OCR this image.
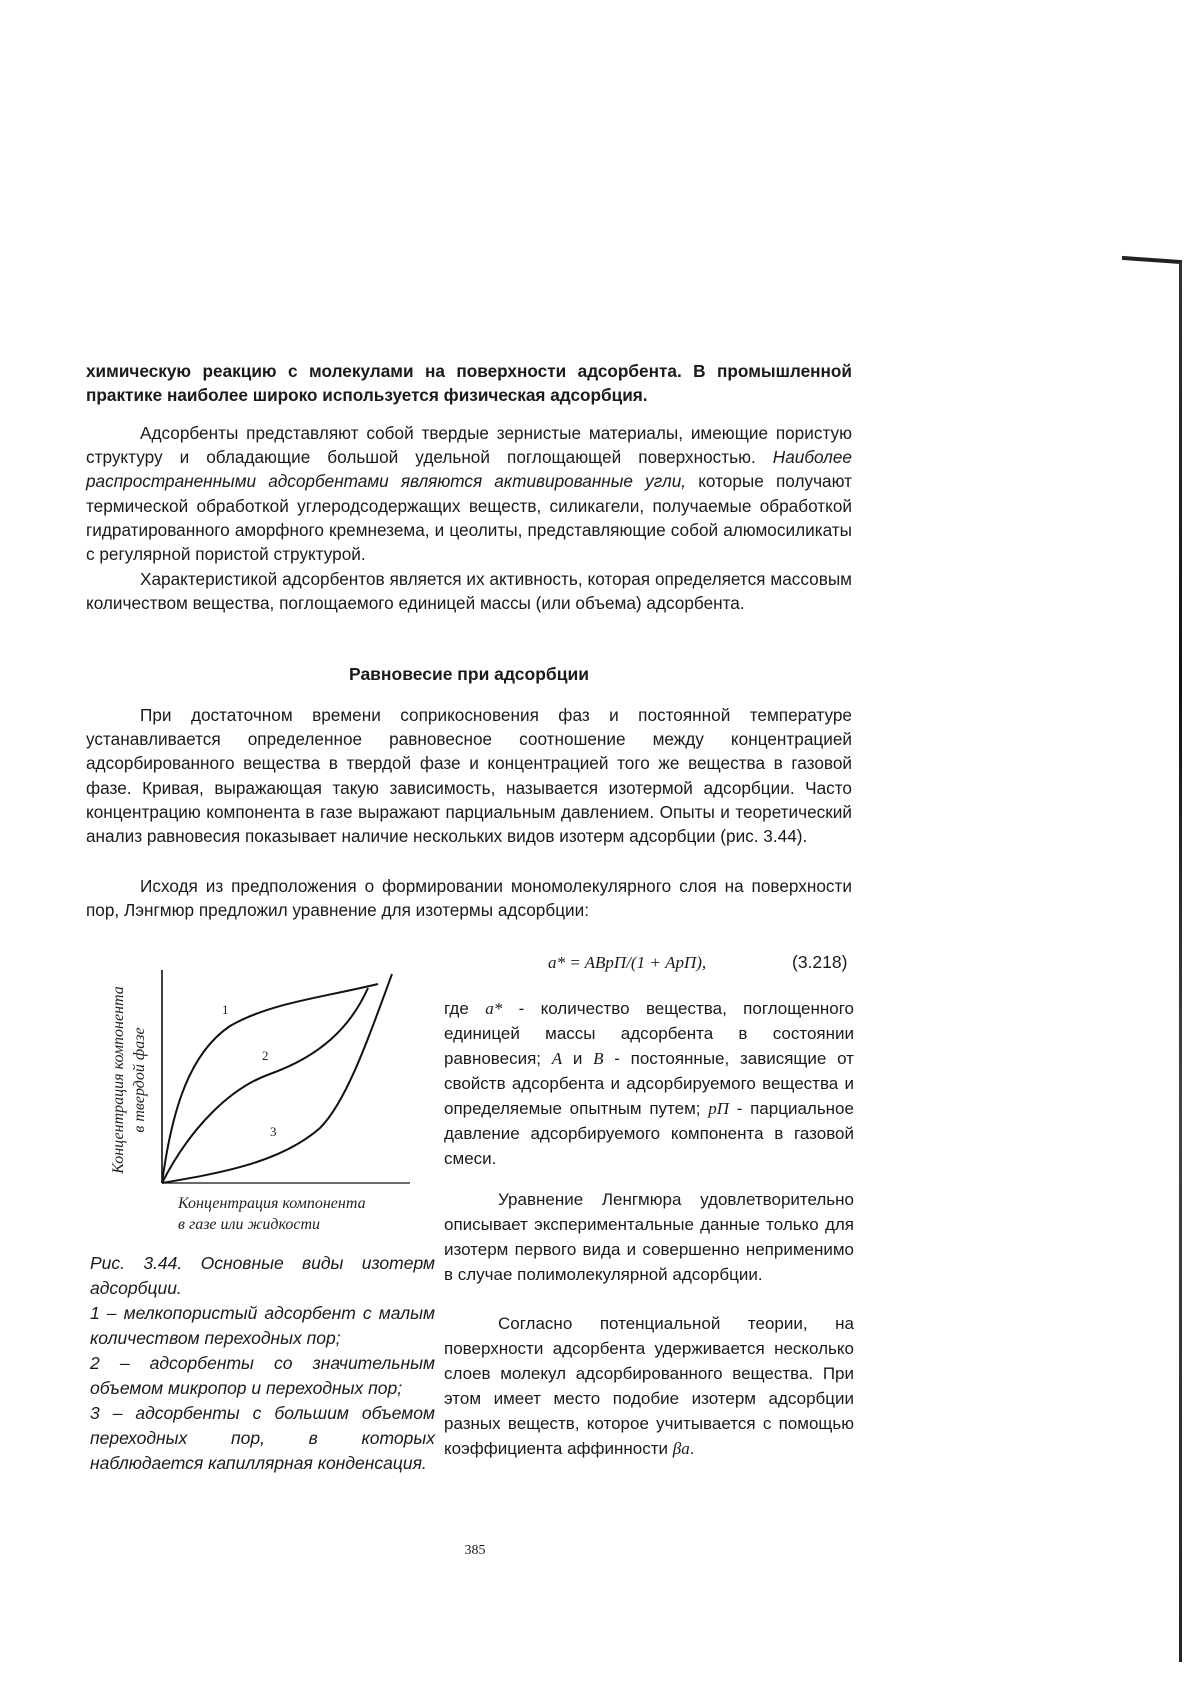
химическую реакцию с молекулами на поверхности адсорбента. В промышленной практике наиболее широко используется физическая адсорбция.
Адсорбенты представляют собой твердые зернистые материалы, имеющие пористую структуру и обладающие большой удельной поглощающей поверхностью. Наиболее распространенными адсорбентами являются активированные угли, которые получают термической обработкой углеродсодержащих веществ, силикагели, получаемые обработкой гидратированного аморфного кремнезема, и цеолиты, представляющие собой алюмосиликаты с регулярной пористой структурой.
Характеристикой адсорбентов является их активность, которая определяется массовым количеством вещества, поглощаемого единицей массы (или объема) адсорбента.
Равновесие при адсорбции
При достаточном времени соприкосновения фаз и постоянной температуре устанавливается определенное равновесное соотношение между концентрацией адсорбированного вещества в твердой фазе и концентрацией того же вещества в газовой фазе. Кривая, выражающая такую зависимость, называется изотермой адсорбции. Часто концентрацию компонента в газе выражают парциальным давлением. Опыты и теоретический анализ равновесия показывает наличие нескольких видов изотерм адсорбции (рис. 3.44).
Исходя из предположения о формировании мономолекулярного слоя на поверхности пор, Лэнгмюр предложил уравнение для изотермы адсорбции:
a* = ABpП/(1 + ApП),	(3.218)
где a* - количество вещества, поглощенного единицей массы адсорбента в состоянии равновесия; A и B - постоянные, зависящие от свойств адсорбента и адсорбируемого вещества и определяемые опытным путем; pП - парциальное давление адсорбируемого компонента в газовой смеси.
Уравнение Ленгмюра удовлетворительно описывает экспериментальные данные только для изотерм первого вида и совершенно неприменимо в случае полимолекулярной адсорбции.
Согласно потенциальной теории, на поверхности адсорбента удерживается несколько слоев молекул адсорбированного вещества. При этом имеет место подобие изотерм адсорбции разных веществ, которое учитывается с помощью коэффициента аффинности βa.
1
2
3
Концентрация компонента в твердой фазе
Концентрация компонента
в газе или жидкости
Рис. 3.44. Основные виды изотерм адсорбции.
1 – мелкопористый адсорбент с малым количеством переходных пор;
2 – адсорбенты со значительным объемом микропор и переходных пор;
3 – адсорбенты с большим объемом переходных пор, в которых наблюдается капиллярная конденсация.
385
